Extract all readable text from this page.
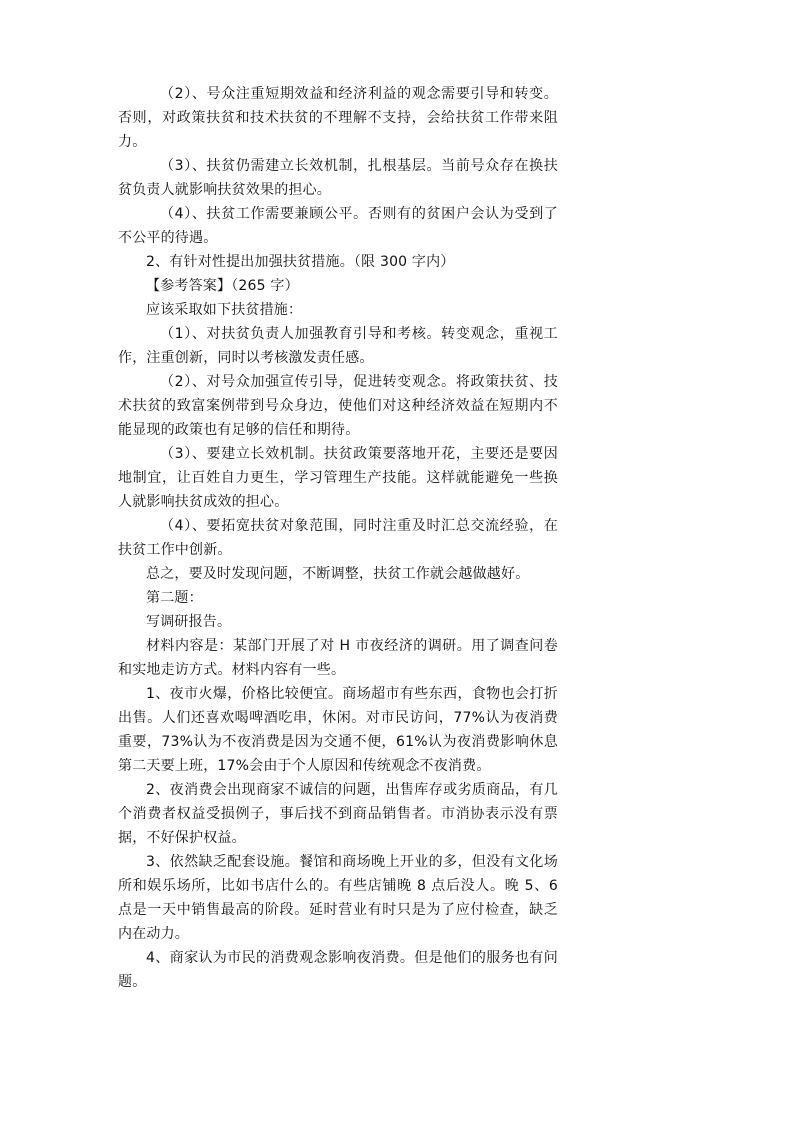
（2）、号众注重短期效益和经济利益的观念需要引导和转变。否则，对政策扶贫和技术扶贫的不理解不支持，会给扶贫工作带来阻力。

（3）、扶贫仍需建立长效机制，扎根基层。当前号众存在换扶贫负责人就影响扶贫效果的担心。

（4）、扶贫工作需要兼顾公平。否则有的贫困户会认为受到了不公平的待遇。

2、有针对性提出加强扶贫措施。（限 300 字内）

【参考答案】（265 字）

应该采取如下扶贫措施：

（1）、对扶贫负责人加强教育引导和考核。转变观念，重视工作，注重创新，同时以考核激发责任感。

（2）、对号众加强宣传引导，促进转变观念。将政策扶贫、技术扶贫的致富案例带到号众身边，使他们对这种经济效益在短期内不能显现的政策也有足够的信任和期待。

（3）、要建立长效机制。扶贫政策要落地开花，主要还是要因地制宜，让百姓自力更生，学习管理生产技能。这样就能避免一些换人就影响扶贫成效的担心。

（4）、要拓宽扶贫对象范围，同时注重及时汇总交流经验，在扶贫工作中创新。

总之，要及时发现问题，不断调整，扶贫工作就会越做越好。

第二题：

写调研报告。

材料内容是：某部门开展了对 H 市夜经济的调研。用了调查问卷和实地走访方式。材料内容有一些。

1、夜市火爆，价格比较便宜。商场超市有些东西，食物也会打折出售。人们还喜欢喝啤酒吃串，休闲。对市民访问，77%认为夜消费重要，73%认为不夜消费是因为交通不便，61%认为夜消费影响休息第二天要上班，17%会由于个人原因和传统观念不夜消费。

2、夜消费会出现商家不诚信的问题，出售库存或劣质商品，有几个消费者权益受损例子，事后找不到商品销售者。市消协表示没有票据，不好保护权益。

3、依然缺乏配套设施。餐馆和商场晚上开业的多，但没有文化场所和娱乐场所，比如书店什么的。有些店铺晚 8 点后没人。晚 5、6 点是一天中销售最高的阶段。延时营业有时只是为了应付检查，缺乏内在动力。

4、商家认为市民的消费观念影响夜消费。但是他们的服务也有问题。
